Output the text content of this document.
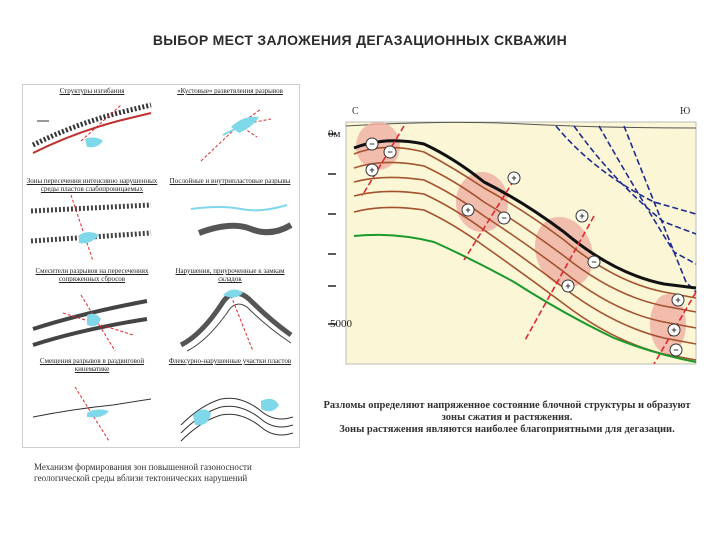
ВЫБОР МЕСТ ЗАЛОЖЕНИЯ ДЕГАЗАЦИОННЫХ СКВАЖИН
Структуры изгибания	«Кустовые» разветвления разрывов
Зоны пересечения интенсивно нарушенных среды пластов слабопроницаемых
Послойные и внутрипластовые разрывы
Смесители разрывов на пересечениях сопряженных сбросов
Нарушения, приуроченные к замкам складок
Смещения разрывов в раздвиговой кинематике
Флексурно-нарушенные участки пластов
Механизм формирования зон повышенной газоносности геологической среды вблизи тектонических нарушений
−
−
+
+
+
−	+
−
+
+
+
−
С	Ю
0м
5000

Разломы определяют напряженное состояние блочной структуры и образуют зоны сжатия и растяжения.

Зоны растяжения являются наиболее благоприятными для дегазации.
